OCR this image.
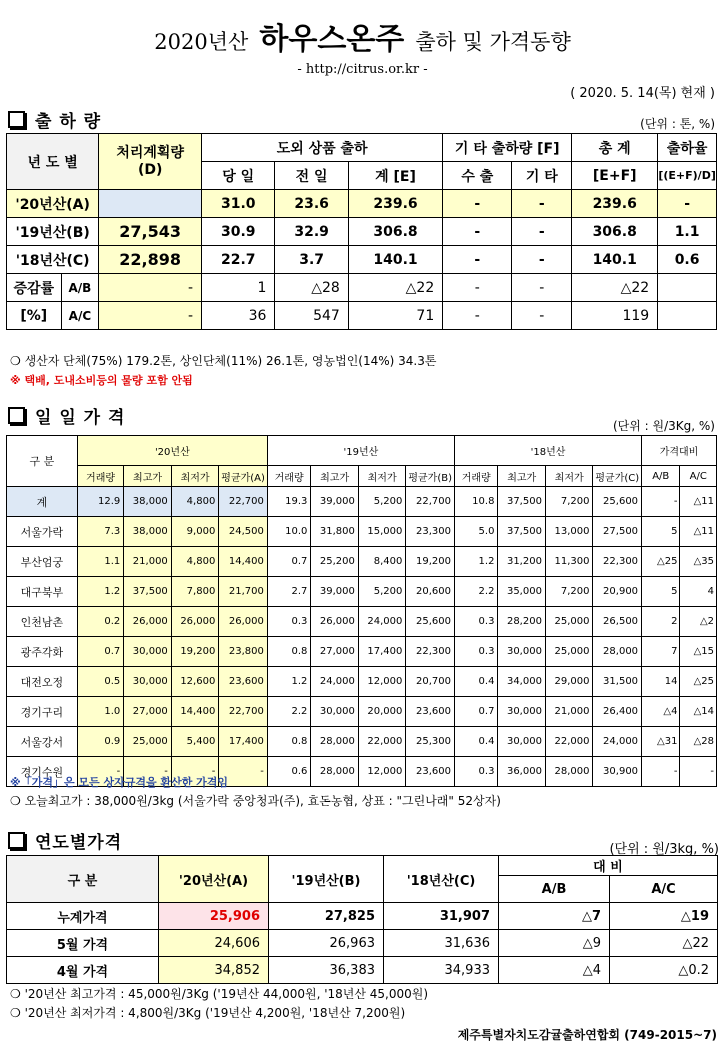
2020년산 하우스온주 출하 및 가격동향
- http://citrus.or.kr -
( 2020. 5. 14(목) 현재 )
출 하 량	(단위 : 톤, %)
년 도 별		처리계획량
(D)	도외 상품 출하			기 타 출하량 [F]		총 계	출하율
			당 일	전 일	계 [E]	수 출	기 타	[E+F]	[(E+F)/D]
'20년산(A)			31.0	23.6	239.6	-	-	239.6	-
'19년산(B)		27,543	30.9	32.9	306.8	-	-	306.8	1.1
'18년산(C)		22,898	22.7	3.7	140.1	-	-	140.1	0.6
증감률	A/B	-	1	△28	△22	-	-	△22	
[%]	A/C	-	36	547	71	-	-	119	
❍ 생산자 단체(75%) 179.2톤, 상인단체(11%) 26.1톤, 영농법인(14%) 34.3톤
※ 택배, 도내소비등의 물량 포함 안됨
일 일 가 격	(단위 : 원/3Kg, %)
구 분	'20년산				'19년산				'18년산				가격대비	
	거래량	최고가	최저가	평균가(A)	거래량	최고가	최저가	평균가(B)	거래량	최고가	최저가	평균가(C)	A/B	A/C
계	12.9	38,000	4,800	22,700	19.3	39,000	5,200	22,700	10.8	37,500	7,200	25,600	-	△11
서울가락	7.3	38,000	9,000	24,500	10.0	31,800	15,000	23,300	5.0	37,500	13,000	27,500	5	△11
부산엄궁	1.1	21,000	4,800	14,400	0.7	25,200	8,400	19,200	1.2	31,200	11,300	22,300	△25	△35
대구북부	1.2	37,500	7,800	21,700	2.7	39,000	5,200	20,600	2.2	35,000	7,200	20,900	5	4
인천남촌	0.2	26,000	26,000	26,000	0.3	26,000	24,000	25,600	0.3	28,200	25,000	26,500	2	△2
광주각화	0.7	30,000	19,200	23,800	0.8	27,000	17,400	22,300	0.3	30,000	25,000	28,000	7	△15
대전오정	0.5	30,000	12,600	23,600	1.2	24,000	12,000	20,700	0.4	34,000	29,000	31,500	14	△25
경기구리	1.0	27,000	14,400	22,700	2.2	30,000	20,000	23,600	0.7	30,000	21,000	26,400	△4	△14
서울강서	0.9	25,000	5,400	17,400	0.8	28,000	22,000	25,300	0.4	30,000	22,000	24,000	△31	△28
경기수원	-	-	-	-	0.6	28,000	12,000	23,600	0.3	36,000	28,000	30,900	-	-
※「가격」은 모든 상자규격을 환산한 가격임
❍ 오늘최고가 : 38,000원/3kg (서울가락 중앙청과(주), 효돈농협, 상표 : "그린나래" 52상자)
연도별가격	(단위 : 원/3kg, %)
구 분	'20년산(A)	'19년산(B)	'18년산(C)	대 비	
				A/B	A/C
누계가격	25,906	27,825	31,907	△7	△19
5월 가격	24,606	26,963	31,636	△9	△22
4월 가격	34,852	36,383	34,933	△4	△0.2
❍ '20년산 최고가격 : 45,000원/3Kg ('19년산 44,000원, '18년산 45,000원)
❍ '20년산 최저가격 : 4,800원/3Kg ('19년산 4,200원, '18년산 7,200원)
제주특별자치도감귤출하연합회 (749-2015~7)
